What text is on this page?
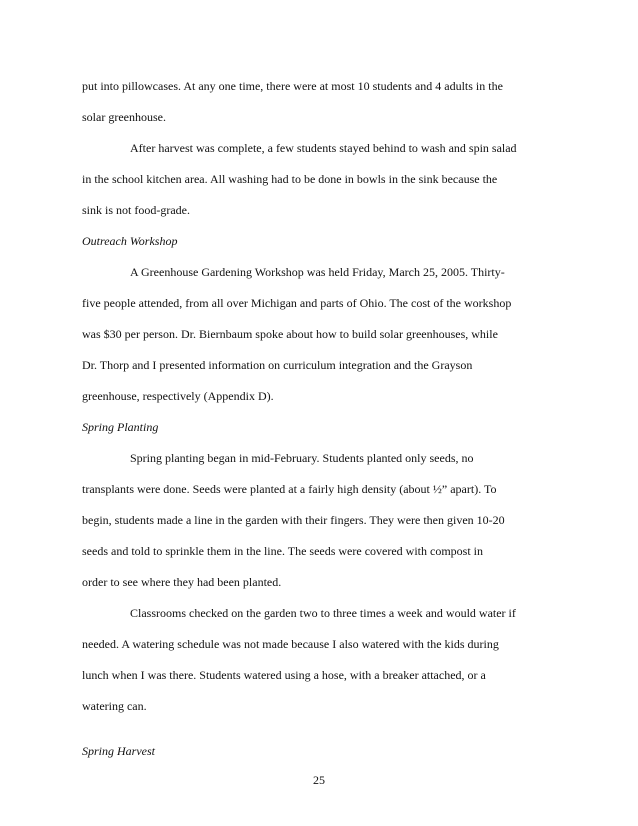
put into pillowcases. At any one time, there were at most 10 students and 4 adults in the
solar greenhouse.
After harvest was complete, a few students stayed behind to wash and spin salad
in the school kitchen area. All washing had to be done in bowls in the sink because the
sink is not food-grade.
Outreach Workshop
A Greenhouse Gardening Workshop was held Friday, March 25, 2005. Thirty-
five people attended, from all over Michigan and parts of Ohio. The cost of the workshop
was $30 per person. Dr. Biernbaum spoke about how to build solar greenhouses, while
Dr. Thorp and I presented information on curriculum integration and the Grayson
greenhouse, respectively (Appendix D).
Spring Planting
Spring planting began in mid-February. Students planted only seeds, no
transplants were done. Seeds were planted at a fairly high density (about ½” apart). To
begin, students made a line in the garden with their fingers. They were then given 10-20
seeds and told to sprinkle them in the line. The seeds were covered with compost in
order to see where they had been planted.
Classrooms checked on the garden two to three times a week and would water if
needed. A watering schedule was not made because I also watered with the kids during
lunch when I was there. Students watered using a hose, with a breaker attached, or a
watering can.
Spring Harvest
25
